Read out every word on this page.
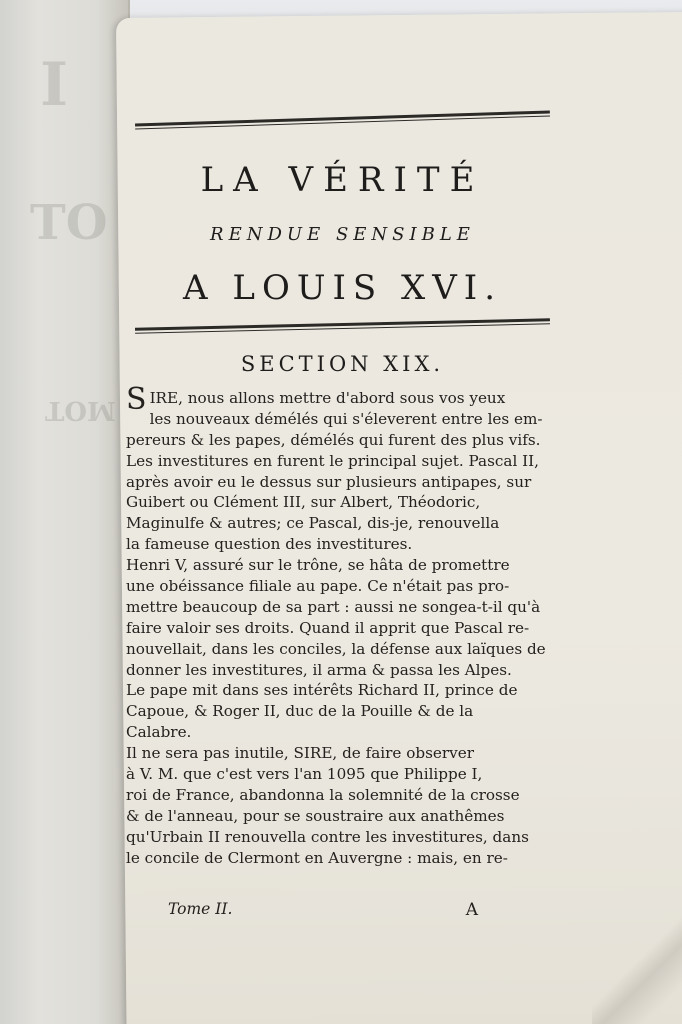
I
TO
MOT
LA VÉRITÉ
RENDUE SENSIBLE
A LOUIS XVI.
SECTION XIX.
SIRE, nous allons mettre d'abord sous vos yeux
les nouveaux démélés qui s'éleverent entre les em-
pereurs & les papes, démélés qui furent des plus vifs.
Les investitures en furent le principal sujet. Pascal II,
après avoir eu le dessus sur plusieurs antipapes, sur
Guibert ou Clément III, sur Albert, Théodoric,
Maginulfe & autres; ce Pascal, dis-je, renouvella
la fameuse question des investitures.
Henri V, assuré sur le trône, se hâta de promettre
une obéissance filiale au pape. Ce n'était pas pro-
mettre beaucoup de sa part : aussi ne songea-t-il qu'à
faire valoir ses droits. Quand il apprit que Pascal re-
nouvellait, dans les conciles, la défense aux laïques de
donner les investitures, il arma & passa les Alpes.
Le pape mit dans ses intérêts Richard II, prince de
Capoue, & Roger II, duc de la Pouille & de la
Calabre.
Il ne sera pas inutile, SIRE, de faire observer
à V. M. que c'est vers l'an 1095 que Philippe I,
roi de France, abandonna la solemnité de la crosse
& de l'anneau, pour se soustraire aux anathêmes
qu'Urbain II renouvella contre les investitures, dans
le concile de Clermont en Auvergne : mais, en re-
Tome II.	A
